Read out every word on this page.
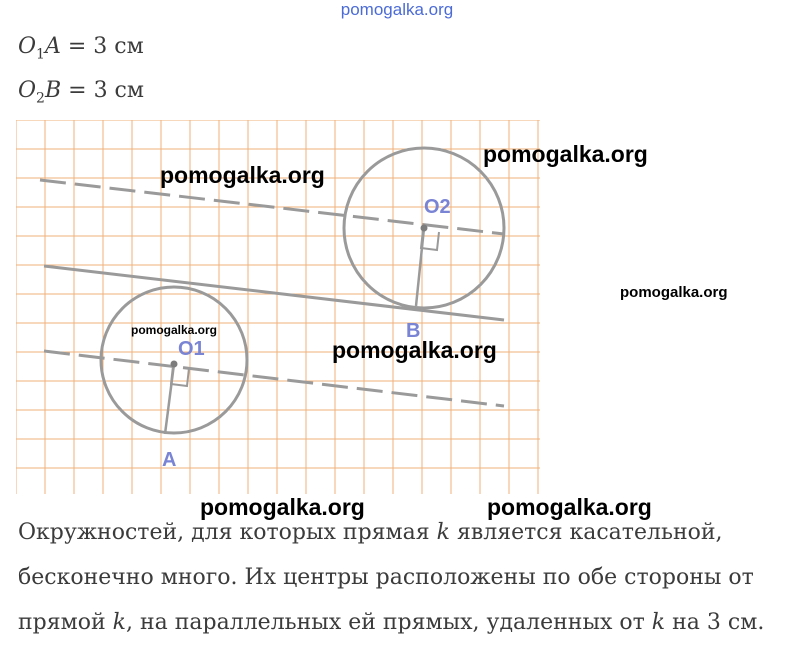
pomogalka.org
$O_1A = 3$ см
$O_2B = 3$ см
O2
O1
B
A
pomogalka.org
pomogalka.org
pomogalka.org
pomogalka.org
pomogalka.org
pomogalka.org	pomogalka.org
Окружностей, для которых прямая k является касательной, бесконечно много. Их центры расположены по обе стороны от прямой k, на параллельных ей прямых, удаленных от k на 3 см.
